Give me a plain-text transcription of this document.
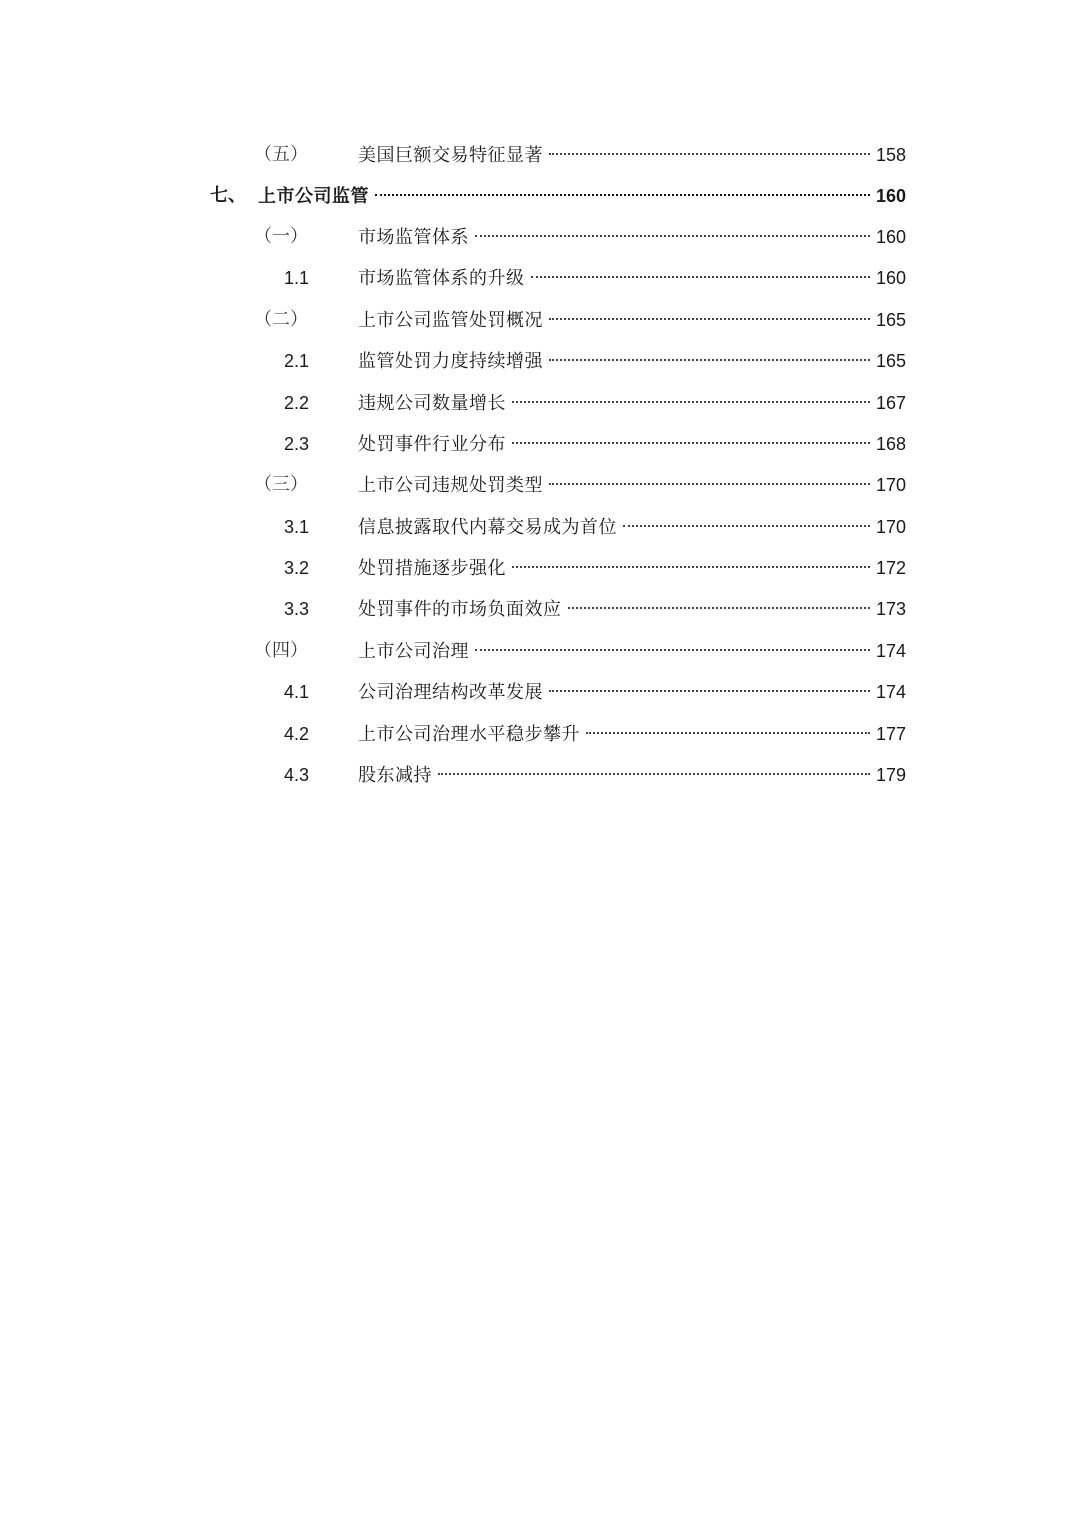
（五）	美国巨额交易特征显著	158
七、 上市公司监管	160
（一）	市场监管体系	160
1.1	市场监管体系的升级	160
（二）	上市公司监管处罚概况	165
2.1	监管处罚力度持续增强	165
2.2	违规公司数量增长	167
2.3	处罚事件行业分布	168
（三）	上市公司违规处罚类型	170
3.1	信息披露取代内幕交易成为首位	170
3.2	处罚措施逐步强化	172
3.3	处罚事件的市场负面效应	173
（四）	上市公司治理	174
4.1	公司治理结构改革发展	174
4.2	上市公司治理水平稳步攀升	177
4.3	股东减持	179
